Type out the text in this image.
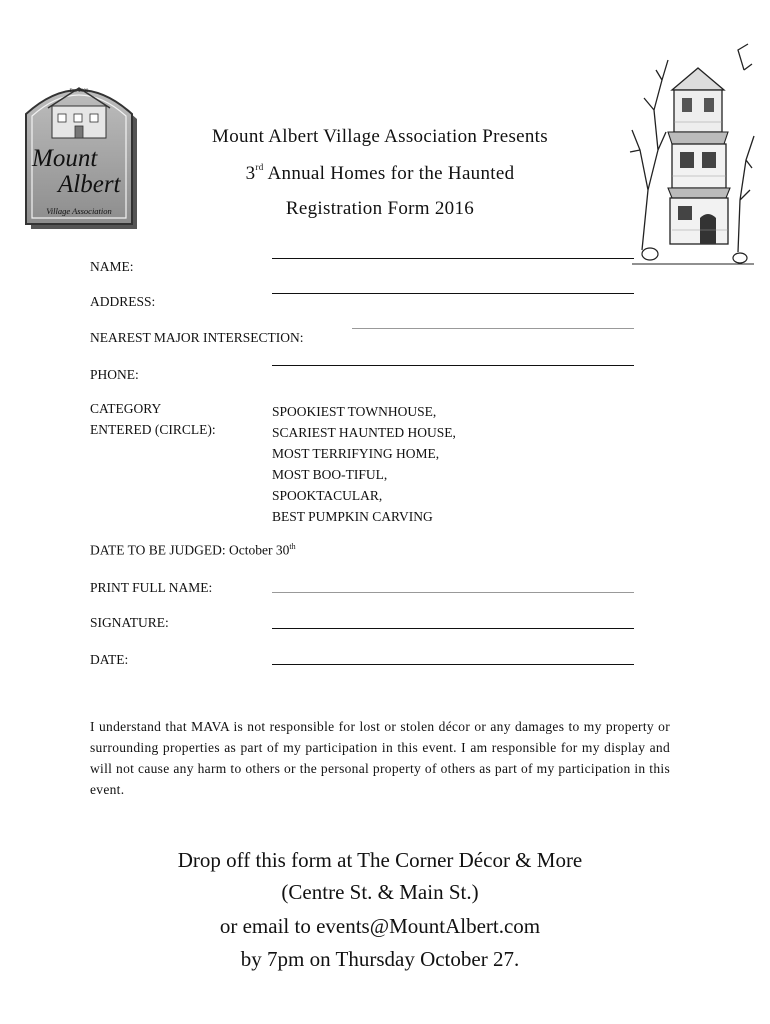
Est. 2000
Mount
Albert
Village Association
Mount Albert Village Association Presents
3rd Annual Homes for the Haunted
Registration Form 2016
NAME:
ADDRESS:
NEAREST MAJOR INTERSECTION:
PHONE:
CATEGORY
ENTERED (CIRCLE):
SPOOKIEST TOWNHOUSE,
SCARIEST HAUNTED HOUSE,
MOST TERRIFYING HOME,
MOST BOO-TIFUL,
SPOOKTACULAR,
BEST PUMPKIN CARVING
DATE TO BE JUDGED: October 30th
PRINT FULL NAME:
SIGNATURE:
DATE:
I understand that MAVA is not responsible for lost or stolen décor or any damages to my property or surrounding properties as part of my participation in this event. I am responsible for my display and will not cause any harm to others or the personal property of others as part of my participation in this event.
Drop off this form at The Corner Décor & More
(Centre St. & Main St.)
or email to events@MountAlbert.com
by 7pm on Thursday October 27.
